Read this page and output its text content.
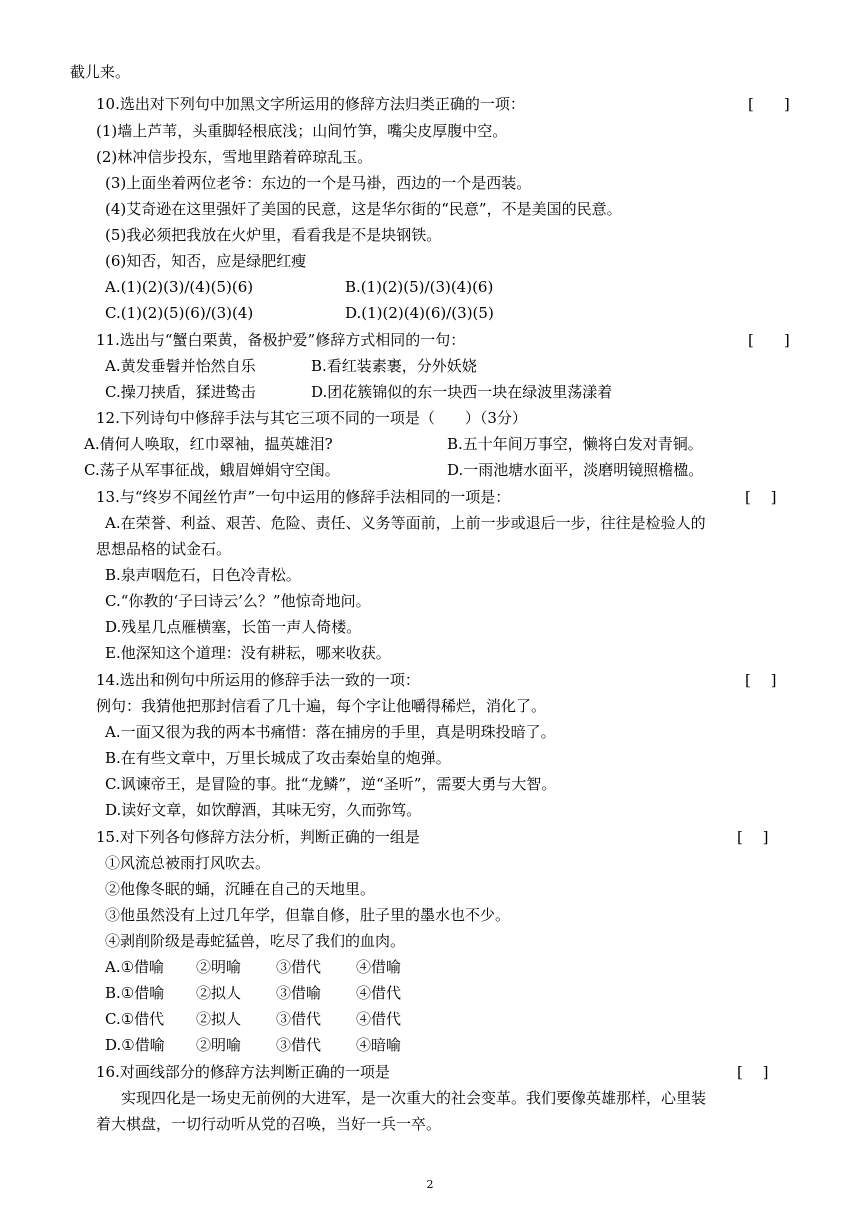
截儿来。
10.选出对下列句中加黑文字所运用的修辞方法归类正确的一项：	[　　]
(1)墙上芦苇，头重脚轻根底浅；山间竹笋，嘴尖皮厚腹中空。
(2)林冲信步投东，雪地里踏着碎琼乱玉。
(3)上面坐着两位老爷：东边的一个是马褂，西边的一个是西装。
(4)艾奇逊在这里强奸了美国的民意，这是华尔街的“民意”，不是美国的民意。
(5)我必须把我放在火炉里，看看我是不是块钢铁。
(6)知否，知否，应是绿肥红瘦
A.(1)(2)(3)/(4)(5)(6)	B.(1)(2)(5)/(3)(4)(6)
C.(1)(2)(5)(6)/(3)(4)	D.(1)(2)(4)(6)/(3)(5)
11.选出与“蟹白栗黄，备极护爱”修辞方式相同的一句：	[　　]
A.黄发垂髫并怡然自乐	B.看红装素裹，分外妖娆
C.操刀挟盾，猱进鸷击	D.团花簇锦似的东一块西一块在绿波里荡漾着
12.下列诗句中修辞手法与其它三项不同的一项是（　　）（3分）
A.倩何人唤取，红巾翠袖，揾英雄泪?	B.五十年间万事空，懒将白发对青铜。
C.荡子从军事征战，蛾眉婵娟守空闺。	D.一雨池塘水面平，淡磨明镜照檐楹。
13.与“终岁不闻丝竹声”一句中运用的修辞手法相同的一项是：	[　 ]
A.在荣誉、利益、艰苦、危险、责任、义务等面前，上前一步或退后一步，往往是检验人的
思想品格的试金石。
B.泉声咽危石，日色冷青松。
C.“你教的‘子曰诗云’么？”他惊奇地问。
D.残星几点雁横塞，长笛一声人倚楼。
E.他深知这个道理：没有耕耘，哪来收获。
14.选出和例句中所运用的修辞手法一致的一项：	[　 ]
例句：我猜他把那封信看了几十遍，每个字让他嚼得稀烂，消化了。
A.一面又很为我的两本书痛惜：落在捕房的手里，真是明珠投暗了。
B.在有些文章中，万里长城成了攻击秦始皇的炮弹。
C.讽谏帝王，是冒险的事。批“龙鳞”，逆“圣听”，需要大勇与大智。
D.读好文章，如饮醇酒，其味无穷，久而弥笃。
15.对下列各句修辞方法分析，判断正确的一组是	[　 ]
①风流总被雨打风吹去。
②他像冬眠的蛹，沉睡在自己的天地里。
③他虽然没有上过几年学，但靠自修，肚子里的墨水也不少。
④剥削阶级是毒蛇猛兽，吃尽了我们的血肉。
A.①借喻 ②明喻 ③借代 ④借喻
B.①借喻 ②拟人 ③借喻 ④借代
C.①借代 ②拟人 ③借代 ④借代
D.①借喻 ②明喻 ③借代 ④暗喻
16.对画线部分的修辞方法判断正确的一项是	[　 ]
实现四化是一场史无前例的大进军，是一次重大的社会变革。我们要像英雄那样，心里装
着大棋盘，一切行动听从党的召唤，当好一兵一卒。
2
